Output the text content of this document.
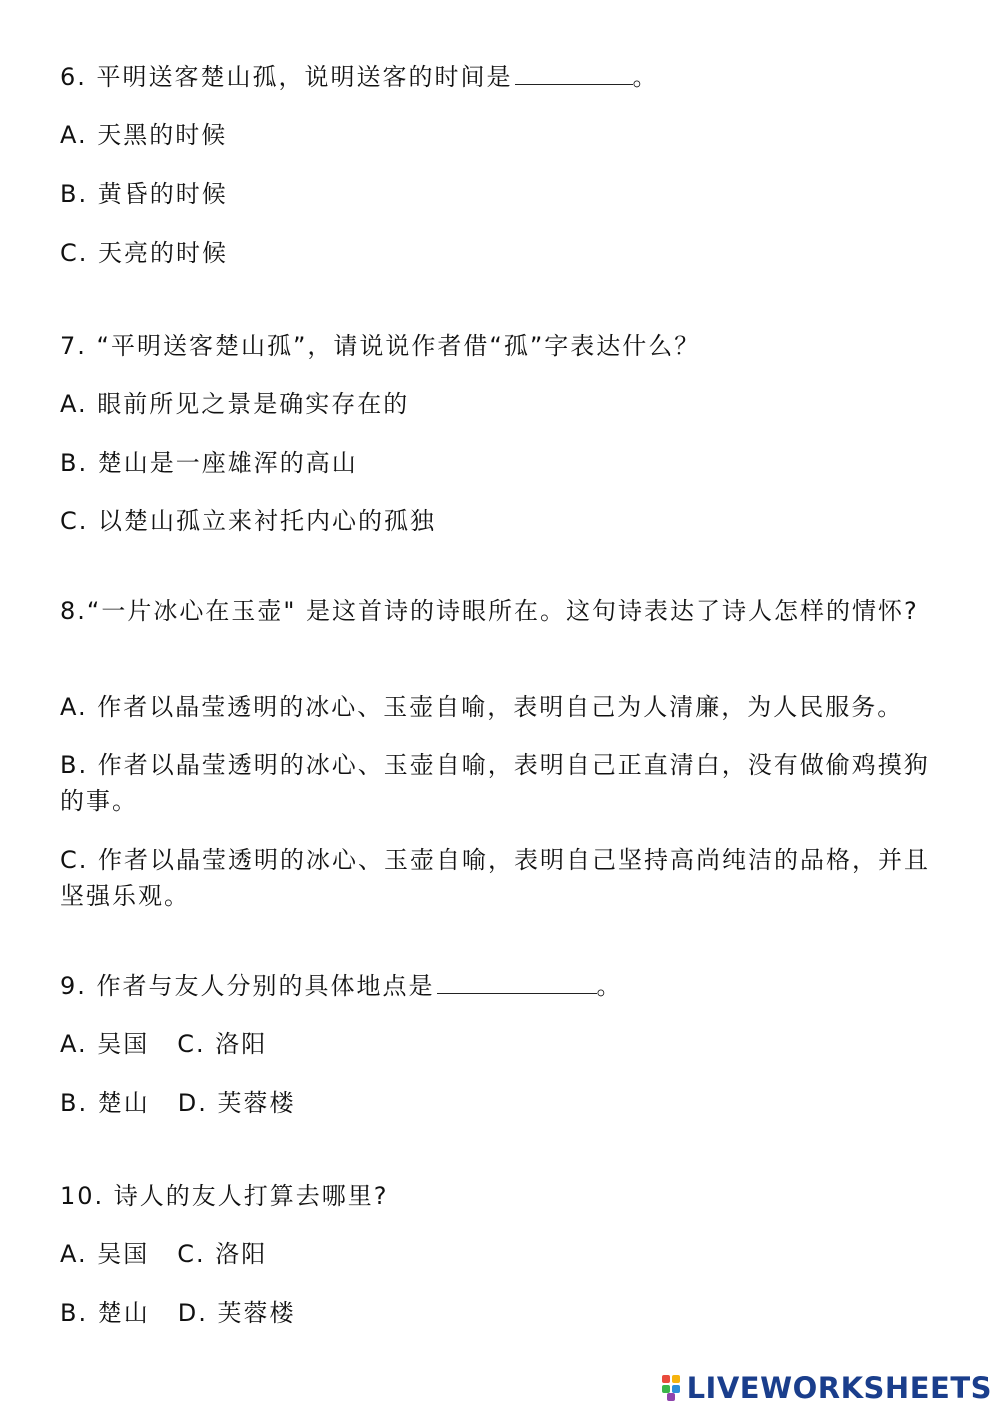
6. 平明送客楚山孤，说明送客的时间是	。
A. 天黑的时候
B. 黄昏的时候
C. 天亮的时候
7. “平明送客楚山孤”，请说说作者借“孤”字表达什么？
A. 眼前所见之景是确实存在的
B. 楚山是一座雄浑的高山
C. 以楚山孤立来衬托内心的孤独
8.“一片冰心在玉壶" 是这首诗的诗眼所在。这句诗表达了诗人怎样的情怀?
A. 作者以晶莹透明的冰心、玉壶自喻，表明自己为人清廉，为人民服务。
B. 作者以晶莹透明的冰心、玉壶自喻，表明自己正直清白，没有做偷鸡摸狗的事。
C. 作者以晶莹透明的冰心、玉壶自喻，表明自己坚持高尚纯洁的品格，并且坚强乐观。
9. 作者与友人分别的具体地点是	。
A. 吴国 C. 洛阳
B. 楚山 D. 芙蓉楼
10. 诗人的友人打算去哪里?
A. 吴国 C. 洛阳
B. 楚山 D. 芙蓉楼
LIVEWORKSHEETS
